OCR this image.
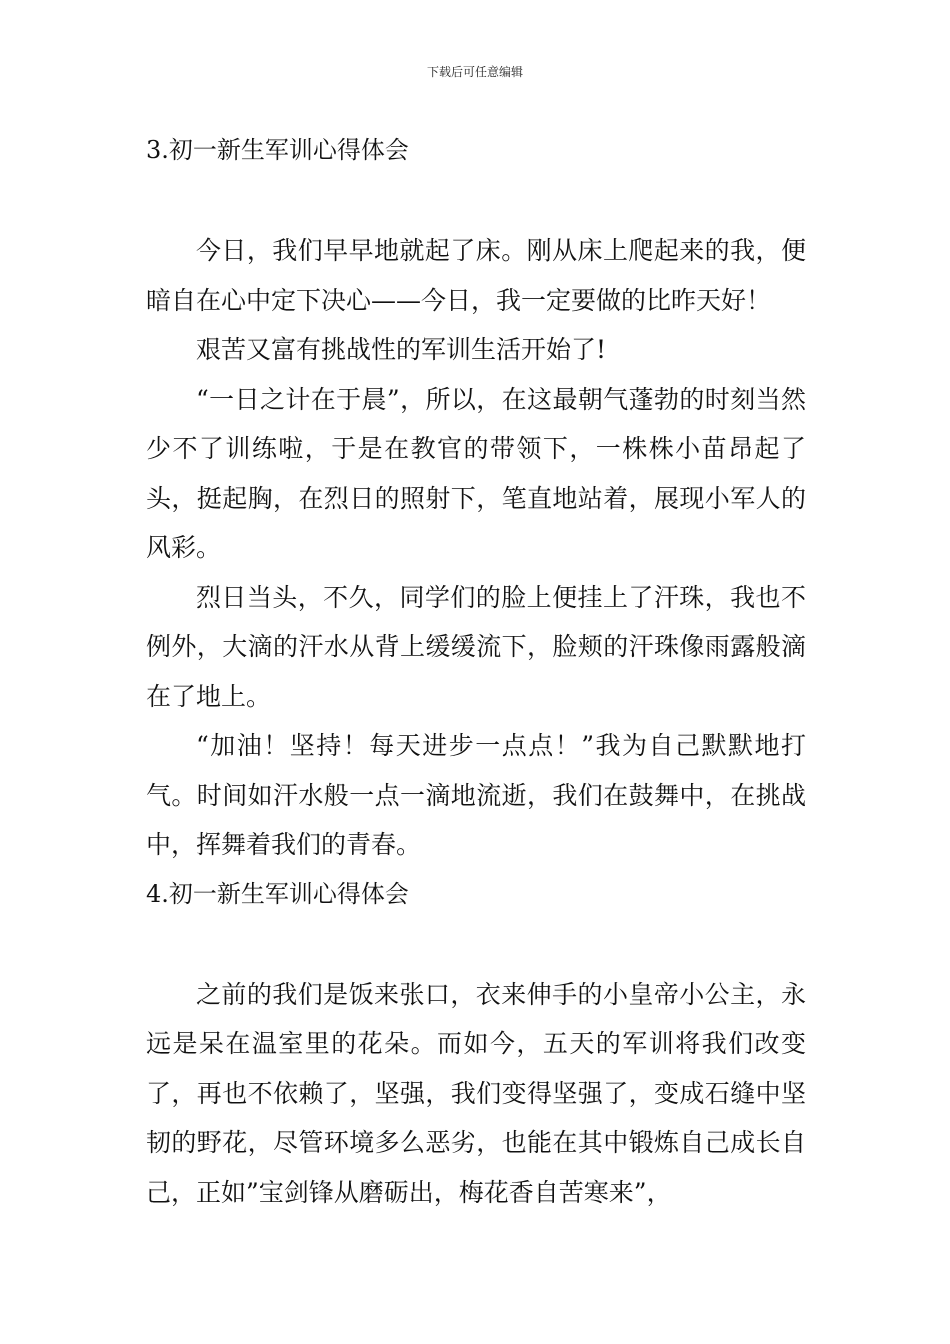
下载后可任意编辑
3.初一新生军训心得体会

今日，我们早早地就起了床。刚从床上爬起来的我，便暗自在心中定下决心——今日，我一定要做的比昨天好！

艰苦又富有挑战性的军训生活开始了!

“一日之计在于晨”，所以，在这最朝气蓬勃的时刻当然少不了训练啦，于是在教官的带领下，一株株小苗昂起了头，挺起胸，在烈日的照射下，笔直地站着，展现小军人的风彩。

烈日当头，不久，同学们的脸上便挂上了汗珠，我也不例外，大滴的汗水从背上缓缓流下，脸颊的汗珠像雨露般滴在了地上。

“加油！坚持！每天进步一点点！”我为自己默默地打气。时间如汗水般一点一滴地流逝，我们在鼓舞中，在挑战中，挥舞着我们的青春。

4.初一新生军训心得体会

之前的我们是饭来张口，衣来伸手的小皇帝小公主，永远是呆在温室里的花朵。而如今，五天的军训将我们改变了，再也不依赖了，坚强，我们变得坚强了，变成石缝中坚韧的野花，尽管环境多么恶劣，也能在其中锻炼自己成长自己，正如”宝剑锋从磨砺出，梅花香自苦寒来”，
